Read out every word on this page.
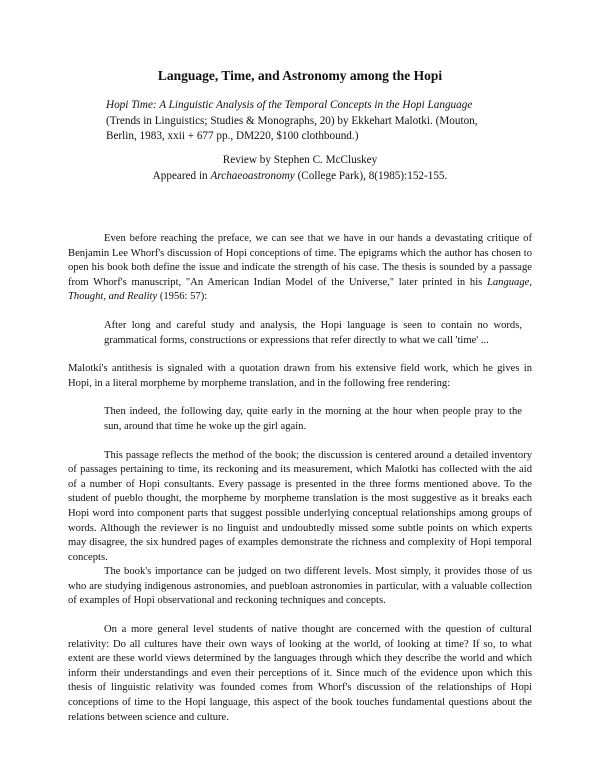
Language, Time, and Astronomy among the Hopi
Hopi Time: A Linguistic Analysis of the Temporal Concepts in the Hopi Language (Trends in Linguistics; Studies & Monographs, 20) by Ekkehart Malotki. (Mouton, Berlin, 1983, xxii + 677 pp., DM220, $100 clothbound.)
Review by Stephen C. McCluskey
Appeared in Archaeoastronomy (College Park), 8(1985):152-155.

Even before reaching the preface, we can see that we have in our hands a devastating critique of Benjamin Lee Whorf's discussion of Hopi conceptions of time. The epigrams which the author has chosen to open his book both define the issue and indicate the strength of his case. The thesis is sounded by a passage from Whorf's manuscript, "An American Indian Model of the Universe," later printed in his Language, Thought, and Reality (1956: 57):

After long and careful study and analysis, the Hopi language is seen to contain no words, grammatical forms, constructions or expressions that refer directly to what we call 'time' ...

Malotki's antithesis is signaled with a quotation drawn from his extensive field work, which he gives in Hopi, in a literal morpheme by morpheme translation, and in the following free rendering:

Then indeed, the following day, quite early in the morning at the hour when people pray to the sun, around that time he woke up the girl again.

This passage reflects the method of the book; the discussion is centered around a detailed inventory of passages pertaining to time, its reckoning and its measurement, which Malotki has collected with the aid of a number of Hopi consultants. Every passage is presented in the three forms mentioned above. To the student of pueblo thought, the morpheme by morpheme translation is the most suggestive as it breaks each Hopi word into component parts that suggest possible underlying conceptual relationships among groups of words. Although the reviewer is no linguist and undoubtedly missed some subtle points on which experts may disagree, the six hundred pages of examples demonstrate the richness and complexity of Hopi temporal concepts.

The book's importance can be judged on two different levels. Most simply, it provides those of us who are studying indigenous astronomies, and puebloan astronomies in particular, with a valuable collection of examples of Hopi observational and reckoning techniques and concepts.

On a more general level students of native thought are concerned with the question of cultural relativity: Do all cultures have their own ways of looking at the world, of looking at time? If so, to what extent are these world views determined by the languages through which they describe the world and which inform their understandings and even their perceptions of it. Since much of the evidence upon which this thesis of linguistic relativity was founded comes from Whorf's discussion of the relationships of Hopi conceptions of time to the Hopi language, this aspect of the book touches fundamental questions about the relations between science and culture.
